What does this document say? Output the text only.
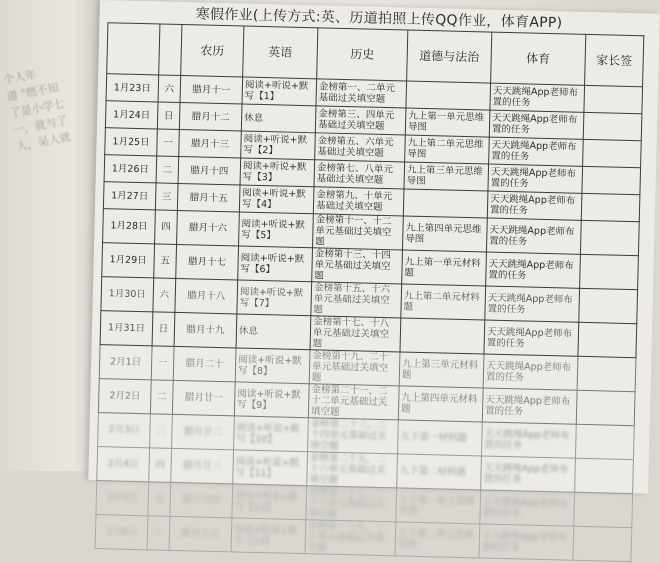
个人年
道 "燃不知
了是小学七
一，就与了
人，呆人就
寒假作业(上传方式:英、历道拍照上传QQ作业，体育APP)
		农历	英语	历史	道德与法治	体育	家长签
1月23日	六	腊月十一	阅读+听说+默写【1】	金榜第一、二单元基础过关填空题		天天跳绳App老师布置的任务	
1月24日	日	腊月十二	休息	金榜第三、四单元基础过关填空题	九上第一单元思维导图	天天跳绳App老师布置的任务	
1月25日	一	腊月十三	阅读+听说+默写【2】	金榜第五、六单元基础过关填空题	九上第二单元思维导图	天天跳绳App老师布置的任务	
1月26日	二	腊月十四	阅读+听说+默写【3】	金榜第七、八单元基础过关填空题	九上第三单元思维导图	天天跳绳App老师布置的任务	
1月27日	三	腊月十五	阅读+听说+默写【4】	金榜第九、十单元基础过关填空题		天天跳绳App老师布置的任务	
1月28日	四	腊月十六	阅读+听说+默写【5】	金榜第十一、十二单元基础过关填空题	九上第四单元思维导图	天天跳绳App老师布置的任务	
1月29日	五	腊月十七	阅读+听说+默写【6】	金榜第十三、十四单元基础过关填空题	九上第一单元材料题	天天跳绳App老师布置的任务	
1月30日	六	腊月十八	阅读+听说+默写【7】	金榜第十五、十六单元基础过关填空题	九上第二单元材料题	天天跳绳App老师布置的任务	
1月31日	日	腊月十九	休息	金榜第十七、十八单元基础过关填空题		天天跳绳App老师布置的任务	
2月1日	一	腊月二十	阅读+听说+默写【8】	金榜第十九、二十单元基础过关填空题	九上第三单元材料题	天天跳绳App老师布置的任务	
2月2日	二	腊月廿一	阅读+听说+默写【9】	金榜第二十一、二十二单元基础过关填空题	九上第四单元材料题	天天跳绳App老师布置的任务	
2月3日	三	腊月廿二	阅读+听说+默写【10】	金榜第二十三、二十四单元基础过关填空题	九下第一材料题	天天跳绳App老师布置的任务	
2月4日	四	腊月廿三	阅读+听说+默写【11】	金榜第二十五、二十六单元基础过关填空题	九下第二材料题	天天跳绳App老师布置的任务	
2月5日	五	腊月廿四	阅读+听说+默写【12】	金榜第二十七、二十八单元基础过关填空题	九下第一单元思维导图	天天跳绳App老师布置的任务	
2月6日	六	腊月廿五	阅读+听说+默写【13】	金榜第二十九、三十单元基础过关填空题	九下第二单元思维导图	天天跳绳App老师布置的任务	
